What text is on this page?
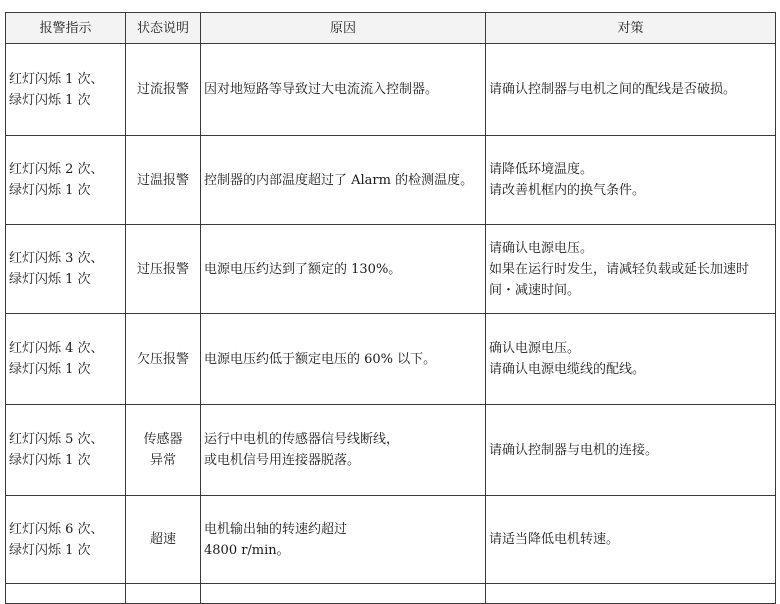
报警指示	状态说明	原因	对策

红灯闪烁 1 次、
绿灯闪烁 1 次	过流报警	因对地短路等导致过大电流流入控制器。	请确认控制器与电机之间的配线是否破损。

红灯闪烁 2 次、
绿灯闪烁 1 次	过温报警	控制器的内部温度超过了 Alarm 的检测温度。	请降低环境温度。
请改善机框内的换气条件。

红灯闪烁 3 次、
绿灯闪烁 1 次	过压报警	电源电压约达到了额定的 130%。	请确认电源电压。
如果在运行时发生，请减轻负载或延长加速时间・减速时间。

红灯闪烁 4 次、
绿灯闪烁 1 次	欠压报警	电源电压约低于额定电压的 60% 以下。	确认电源电压。
请确认电源电缆线的配线。

红灯闪烁 5 次、
绿灯闪烁 1 次	传感器
异常	运行中电机的传感器信号线断线，
或电机信号用连接器脱落。	请确认控制器与电机的连接。

红灯闪烁 6 次、
绿灯闪烁 1 次	超速	电机输出轴的转速约超过
4800 r/min。	请适当降低电机转速。
